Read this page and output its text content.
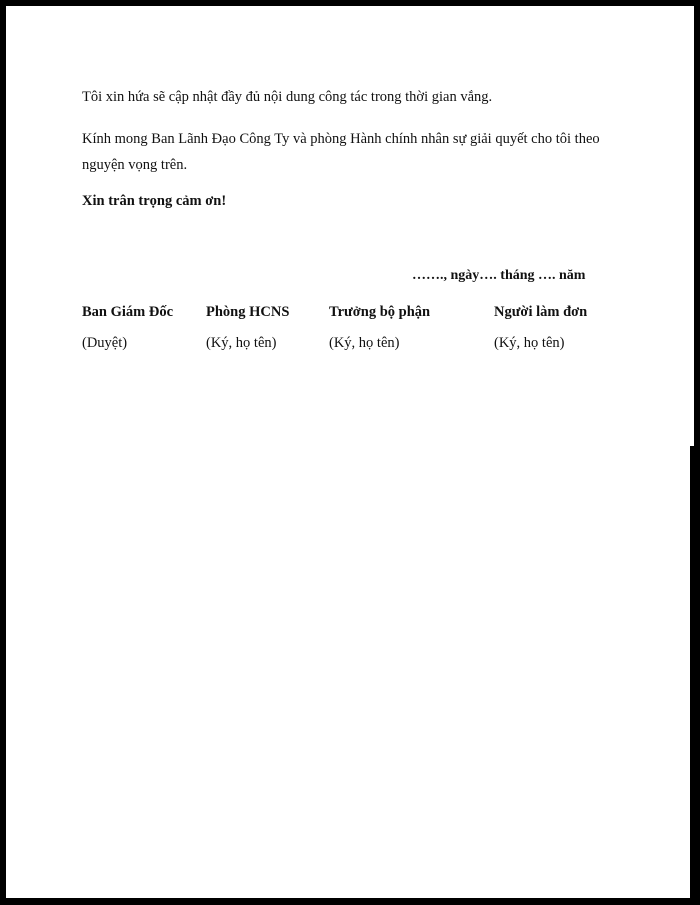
Tôi xin hứa sẽ cập nhật đầy đủ nội dung công tác trong thời gian vắng.

Kính mong Ban Lãnh Đạo Công Ty và phòng Hành chính nhân sự giải quyết cho tôi theo nguyện vọng trên.

Xin trân trọng cảm ơn!

……., ngày…. tháng …. năm
Ban Giám Đốc
(Duyệt)
Phòng HCNS
(Ký, họ tên)
Trưởng bộ phận
(Ký, họ tên)
Người làm đơn
(Ký, họ tên)
